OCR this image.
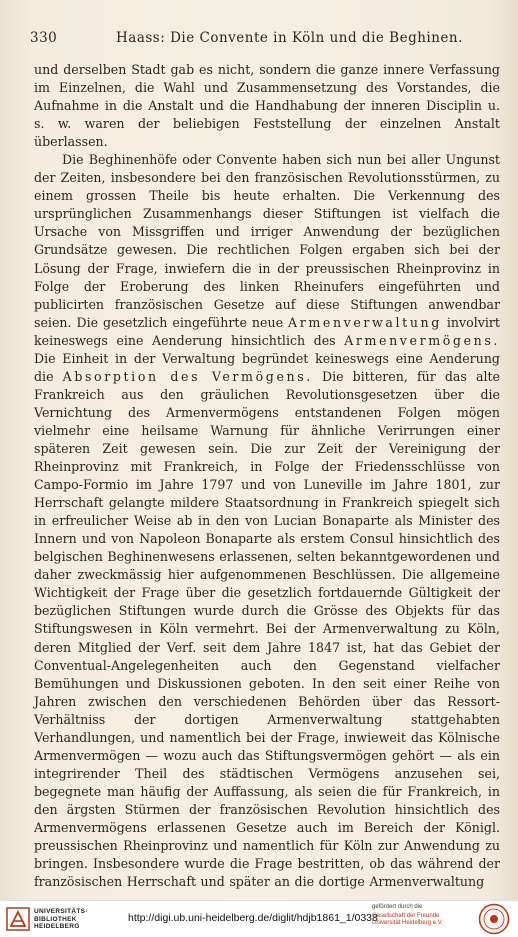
330	Haass: Die Convente in Köln und die Beghinen.

und derselben Stadt gab es nicht, sondern die ganze innere Verfassung im Einzelnen, die Wahl und Zusammensetzung des Vorstandes, die Aufnahme in die Anstalt und die Handhabung der inneren Disciplin u. s. w. waren der beliebigen Feststellung der einzelnen Anstalt überlassen.

Die Beghinenhöfe oder Convente haben sich nun bei aller Ungunst der Zeiten, insbesondere bei den französischen Revolutionsstürmen, zu einem grossen Theile bis heute erhalten. Die Verkennung des ursprünglichen Zusammenhangs dieser Stiftungen ist vielfach die Ursache von Missgriffen und irriger Anwendung der bezüglichen Grundsätze gewesen. Die rechtlichen Folgen ergaben sich bei der Lösung der Frage, inwiefern die in der preussischen Rheinprovinz in Folge der Eroberung des linken Rheinufers eingeführten und publicirten französischen Gesetze auf diese Stiftungen anwendbar seien. Die gesetzlich eingeführte neue Armenverwaltung involvirt keineswegs eine Aenderung hinsichtlich des Armenvermögens. Die Einheit in der Verwaltung begründet keineswegs eine Aenderung die Absorption des Vermögens. Die bitteren, für das alte Frankreich aus den gräulichen Revolutionsgesetzen über die Vernichtung des Armenvermögens entstandenen Folgen mögen vielmehr eine heilsame Warnung für ähnliche Verirrungen einer späteren Zeit gewesen sein. Die zur Zeit der Vereinigung der Rheinprovinz mit Frankreich, in Folge der Friedensschlüsse von Campo-Formio im Jahre 1797 und von Luneville im Jahre 1801, zur Herrschaft gelangte mildere Staatsordnung in Frankreich spiegelt sich in erfreulicher Weise ab in den von Lucian Bonaparte als Minister des Innern und von Napoleon Bonaparte als erstem Consul hinsichtlich des belgischen Beghinenwesens erlassenen, selten bekanntgewordenen und daher zweckmässig hier aufgenommenen Beschlüssen. Die allgemeine Wichtigkeit der Frage über die gesetzlich fortdauernde Gültigkeit der bezüglichen Stiftungen wurde durch die Grösse des Objekts für das Stiftungswesen in Köln vermehrt. Bei der Armenverwaltung zu Köln, deren Mitglied der Verf. seit dem Jahre 1847 ist, hat das Gebiet der Conventual-Angelegenheiten auch den Gegenstand vielfacher Bemühungen und Diskussionen geboten. In den seit einer Reihe von Jahren zwischen den verschiedenen Behörden über das Ressort-Verhältniss der dortigen Armenverwaltung stattgehabten Verhandlungen, und namentlich bei der Frage, inwieweit das Kölnische Armenvermögen — wozu auch das Stiftungsvermögen gehört — als ein integrirender Theil des städtischen Vermögens anzusehen sei, begegnete man häufig der Auffassung, als seien die für Frankreich, in den ärgsten Stürmen der französischen Revolution hinsichtlich des Armenvermögens erlassenen Gesetze auch im Bereich der Königl. preussischen Rheinprovinz und namentlich für Köln zur Anwendung zu bringen. Insbesondere wurde die Frage bestritten, ob das während der französischen Herrschaft und später an die dortige Armenverwaltung

UNIVERSITÄTS-
BIBLIOTHEK
HEIDELBERG
http://digi.ub.uni-heidelberg.de/diglit/hdjb1861_1/0338
gefördert durch die
Gesellschaft der Freunde
Universität Heidelberg e.V.
